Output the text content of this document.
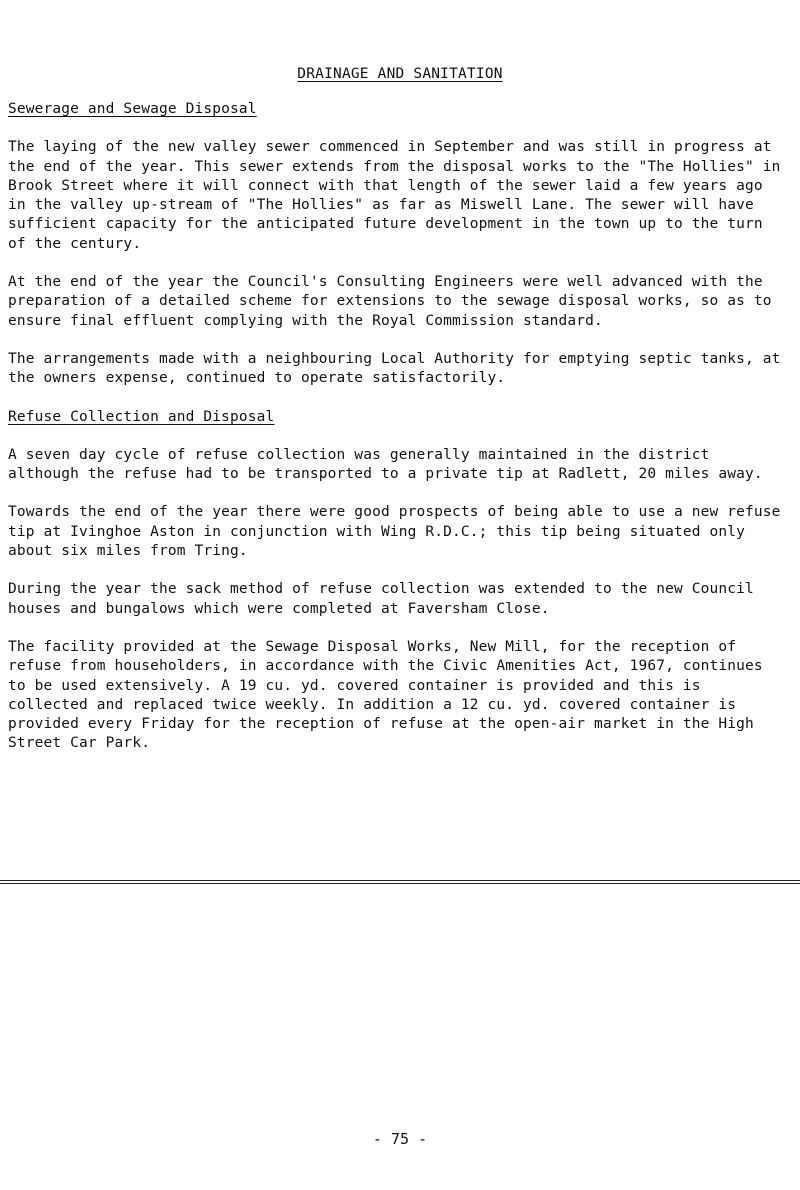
DRAINAGE AND SANITATION
Sewerage and Sewage Disposal

The laying of the new valley sewer commenced in September and was still in progress at the end of the year. This sewer extends from the disposal works to the "The Hollies" in Brook Street where it will connect with that length of the sewer laid a few years ago in the valley up-stream of "The Hollies" as far as Miswell Lane. The sewer will have sufficient capacity for the anticipated future development in the town up to the turn of the century.

At the end of the year the Council's Consulting Engineers were well advanced with the preparation of a detailed scheme for extensions to the sewage disposal works, so as to ensure final effluent complying with the Royal Commission standard.

The arrangements made with a neighbouring Local Authority for emptying septic tanks, at the owners expense, continued to operate satisfactorily.

Refuse Collection and Disposal

A seven day cycle of refuse collection was generally maintained in the district although the refuse had to be transported to a private tip at Radlett, 20 miles away.

Towards the end of the year there were good prospects of being able to use a new refuse tip at Ivinghoe Aston in conjunction with Wing R.D.C.; this tip being situated only about six miles from Tring.

During the year the sack method of refuse collection was extended to the new Council houses and bungalows which were completed at Faversham Close.

The facility provided at the Sewage Disposal Works, New Mill, for the reception of refuse from householders, in accordance with the Civic Amenities Act, 1967, continues to be used extensively. A 19 cu. yd. covered container is provided and this is collected and replaced twice weekly. In addition a 12 cu. yd. covered container is provided every Friday for the reception of refuse at the open-air market in the High Street Car Park.

- 75 -
